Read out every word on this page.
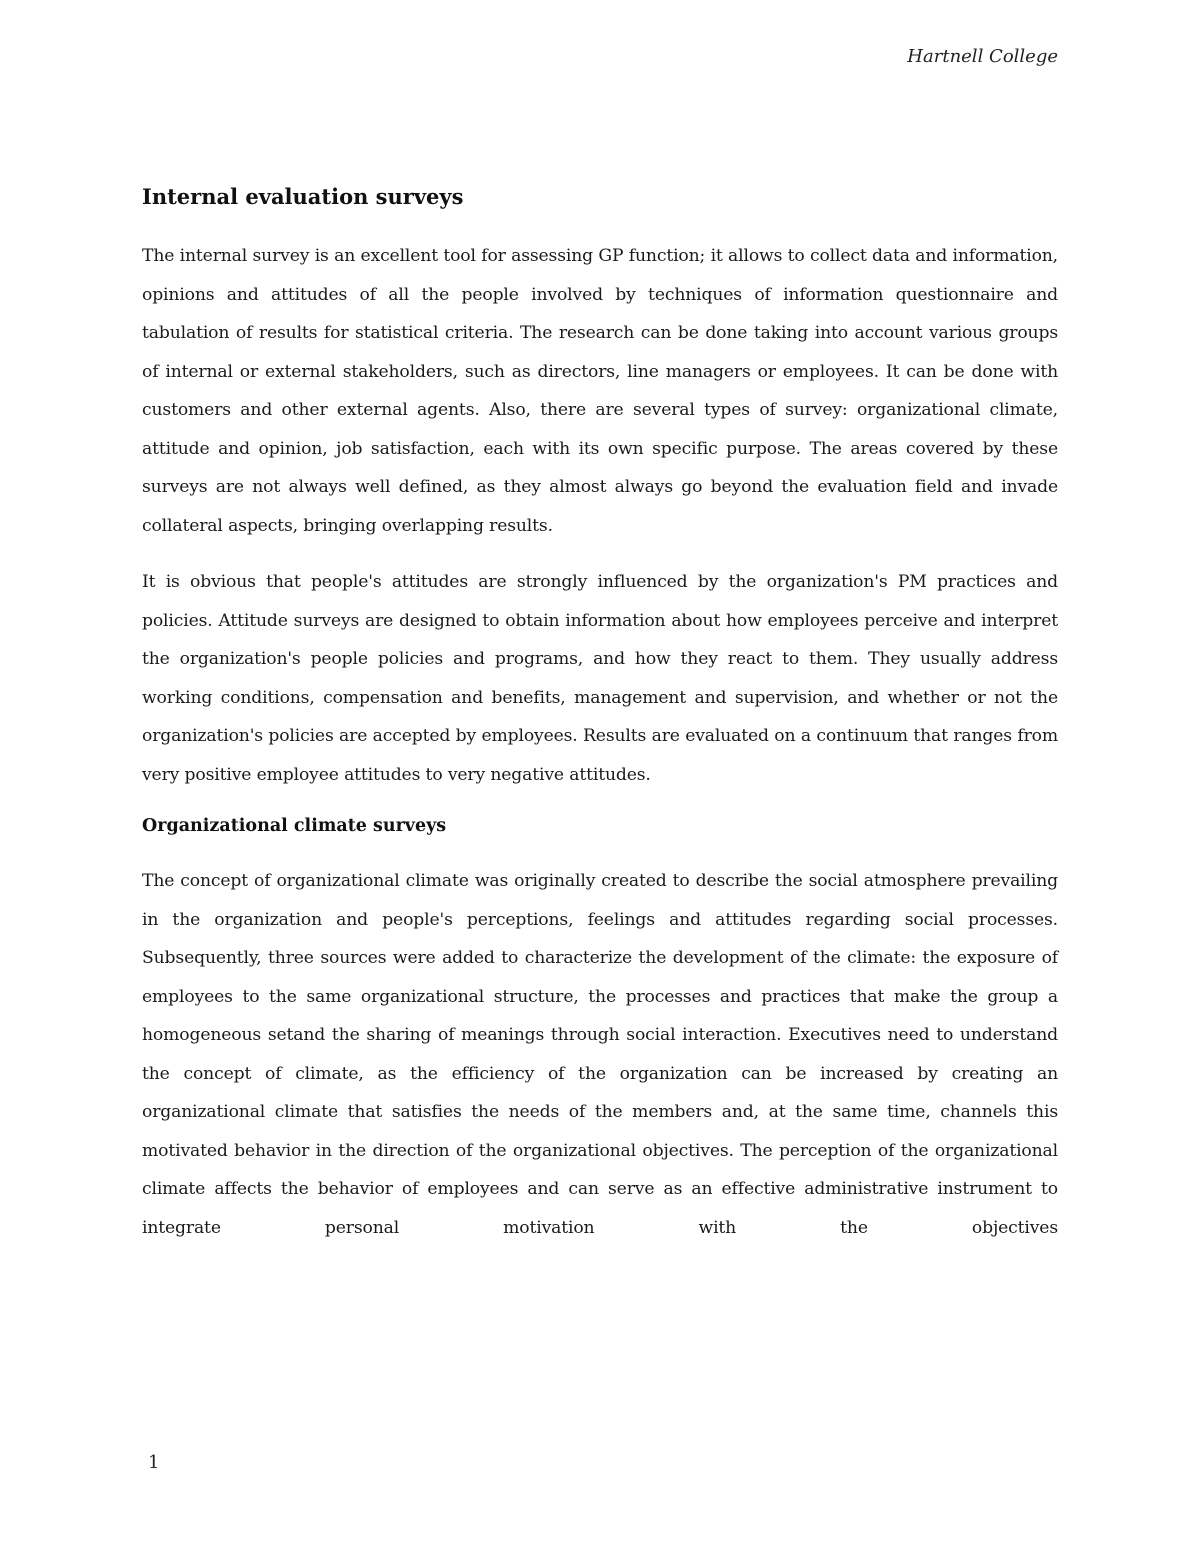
Hartnell College
Internal evaluation surveys

The internal survey is an excellent tool for assessing GP function; it allows to collect data and information, opinions and attitudes of all the people involved by techniques of information questionnaire and tabulation of results for statistical criteria. The research can be done taking into account various groups of internal or external stakeholders, such as directors, line managers or employees. It can be done with customers and other external agents. Also, there are several types of survey: organizational climate, attitude and opinion, job satisfaction, each with its own specific purpose. The areas covered by these surveys are not always well defined, as they almost always go beyond the evaluation field and invade collateral aspects, bringing overlapping results.

It is obvious that people's attitudes are strongly influenced by the organization's PM practices and policies. Attitude surveys are designed to obtain information about how employees perceive and interpret the organization's people policies and programs, and how they react to them. They usually address working conditions, compensation and benefits, management and supervision, and whether or not the organization's policies are accepted by employees. Results are evaluated on a continuum that ranges from very positive employee attitudes to very negative attitudes.

Organizational climate surveys

The concept of organizational climate was originally created to describe the social atmosphere prevailing in the organization and people's perceptions, feelings and attitudes regarding social processes. Subsequently, three sources were added to characterize the development of the climate: the exposure of employees to the same organizational structure, the processes and practices that make the group a homogeneous setand the sharing of meanings through social interaction. Executives need to understand the concept of climate, as the efficiency of the organization can be increased by creating an organizational climate that satisfies the needs of the members and, at the same time, channels this motivated behavior in the direction of the organizational objectives. The perception of the organizational climate affects the behavior of employees and can serve as an effective administrative instrument to integrate personal motivation with the objectives

1
